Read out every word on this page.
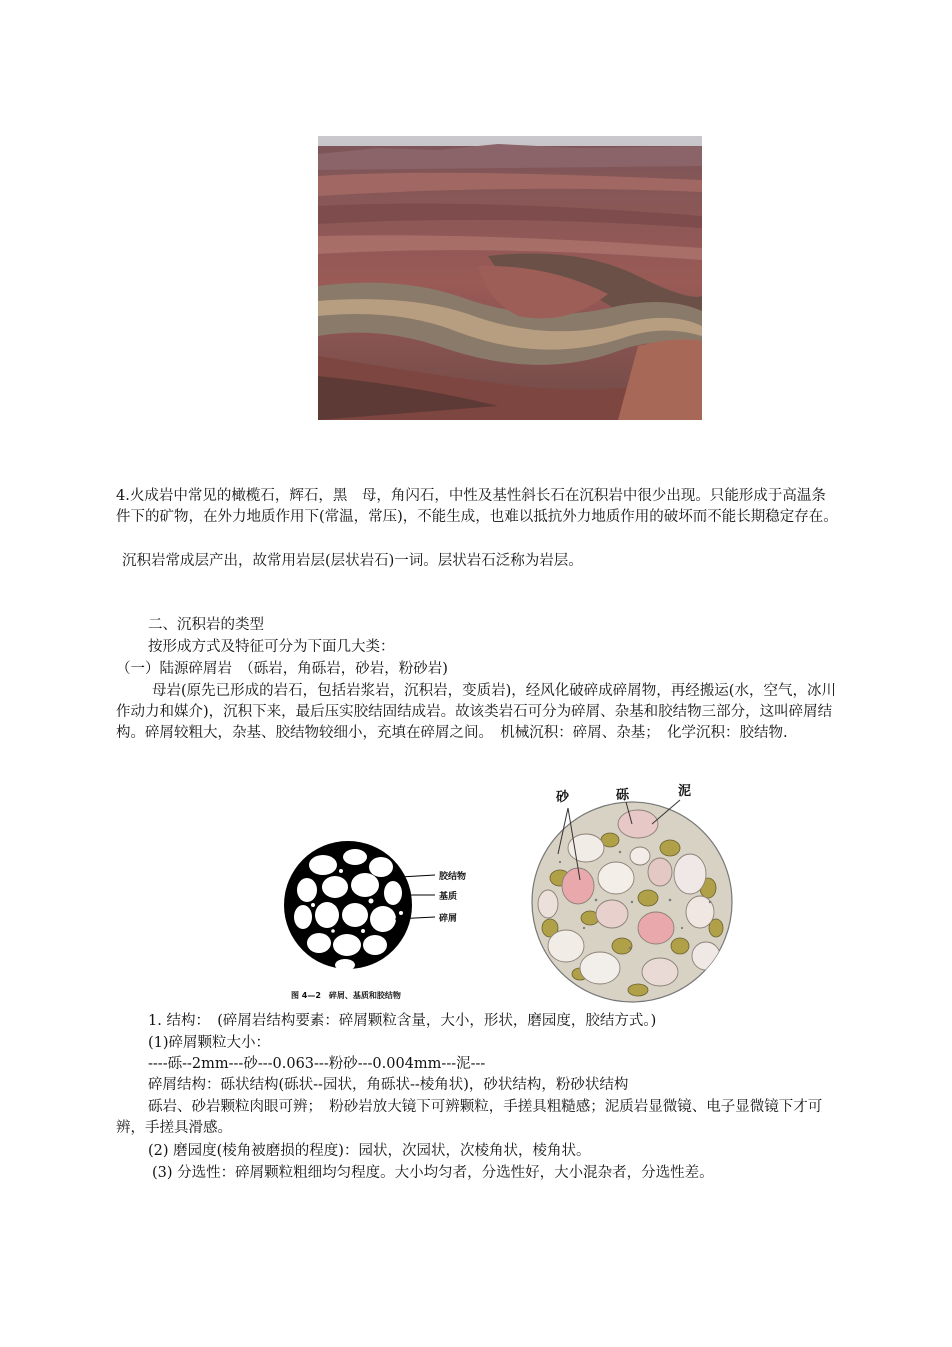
4.火成岩中常见的橄榄石，辉石，黑　母，角闪石，中性及基性斜长石在沉积岩中很少出现。只能形成于高温条件下的矿物，在外力地质作用下(常温，常压)，不能生成，也难以抵抗外力地质作用的破坏而不能长期稳定存在。
沉积岩常成层产出，故常用岩层(层状岩石)一词。层状岩石泛称为岩层。
二、沉积岩的类型
按形成方式及特征可分为下面几大类：
（一）陆源碎屑岩　（砾岩，角砾岩，砂岩，粉砂岩)
母岩(原先已形成的岩石，包括岩浆岩，沉积岩，变质岩)，经风化破碎成碎屑物，再经搬运(水，空气，冰川作动力和媒介)，沉积下来，最后压实胶结固结成岩。故该类岩石可分为碎屑、杂基和胶结物三部分，这叫碎屑结构。碎屑较粗大，杂基、胶结物较细小，充填在碎屑之间。　机械沉积：碎屑、杂基；　化学沉积：胶结物.
胶结物
基质
碎屑
图 4—2　碎屑、基质和胶结物
砂	砾	泥
1. 结构：　(碎屑岩结构要素：碎屑颗粒含量，大小，形状，磨园度，胶结方式。)
(1)碎屑颗粒大小：
----砾--2mm---砂---0.063---粉砂---0.004mm---泥---
碎屑结构：砾状结构(砾状--园状，角砾状--棱角状)，砂状结构，粉砂状结构
砾岩、砂岩颗粒肉眼可辨；　粉砂岩放大镜下可辨颗粒，手搓具粗糙感；泥质岩显微镜、电子显微镜下才可辨，手搓具滑感。
(2) 磨园度(棱角被磨损的程度)：园状，次园状，次棱角状，棱角状。
(3) 分选性：碎屑颗粒粗细均匀程度。大小均匀者，分选性好，大小混杂者，分选性差。
